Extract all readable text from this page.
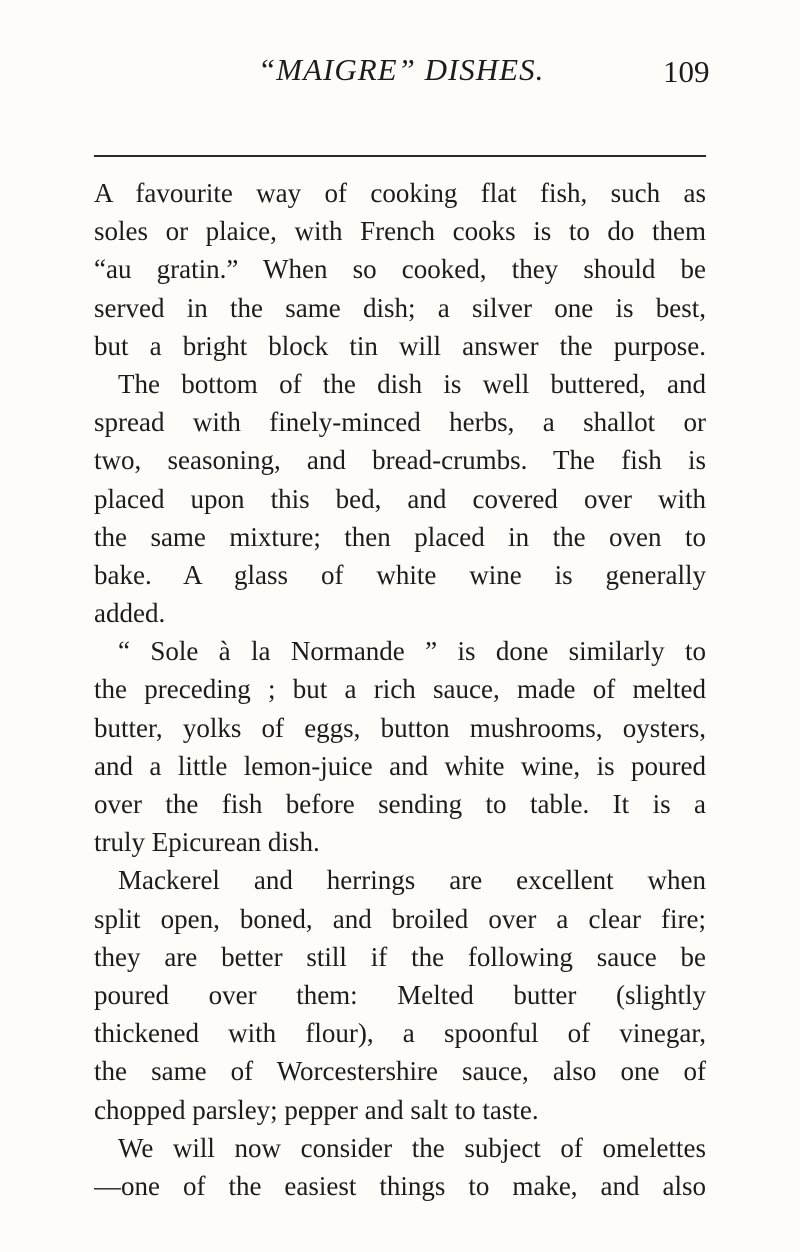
“MAIGRE” DISHES.	109
A favourite way of cooking flat fish, such as
soles or plaice, with French cooks is to do them
“au gratin.” When so cooked, they should be
served in the same dish; a silver one is best,
but a bright block tin will answer the purpose.
The bottom of the dish is well buttered, and
spread with finely-minced herbs, a shallot or
two, seasoning, and bread-crumbs. The fish is
placed upon this bed, and covered over with
the same mixture; then placed in the oven to
bake. A glass of white wine is generally
added.
“ Sole à la Normande ” is done similarly to
the preceding ; but a rich sauce, made of melted
butter, yolks of eggs, button mushrooms, oysters,
and a little lemon-juice and white wine, is poured
over the fish before sending to table. It is a
truly Epicurean dish.
Mackerel and herrings are excellent when
split open, boned, and broiled over a clear fire;
they are better still if the following sauce be
poured over them: Melted butter (slightly
thickened with flour), a spoonful of vinegar,
the same of Worcestershire sauce, also one of
chopped parsley; pepper and salt to taste.
We will now consider the subject of omelettes
—one of the easiest things to make, and also
